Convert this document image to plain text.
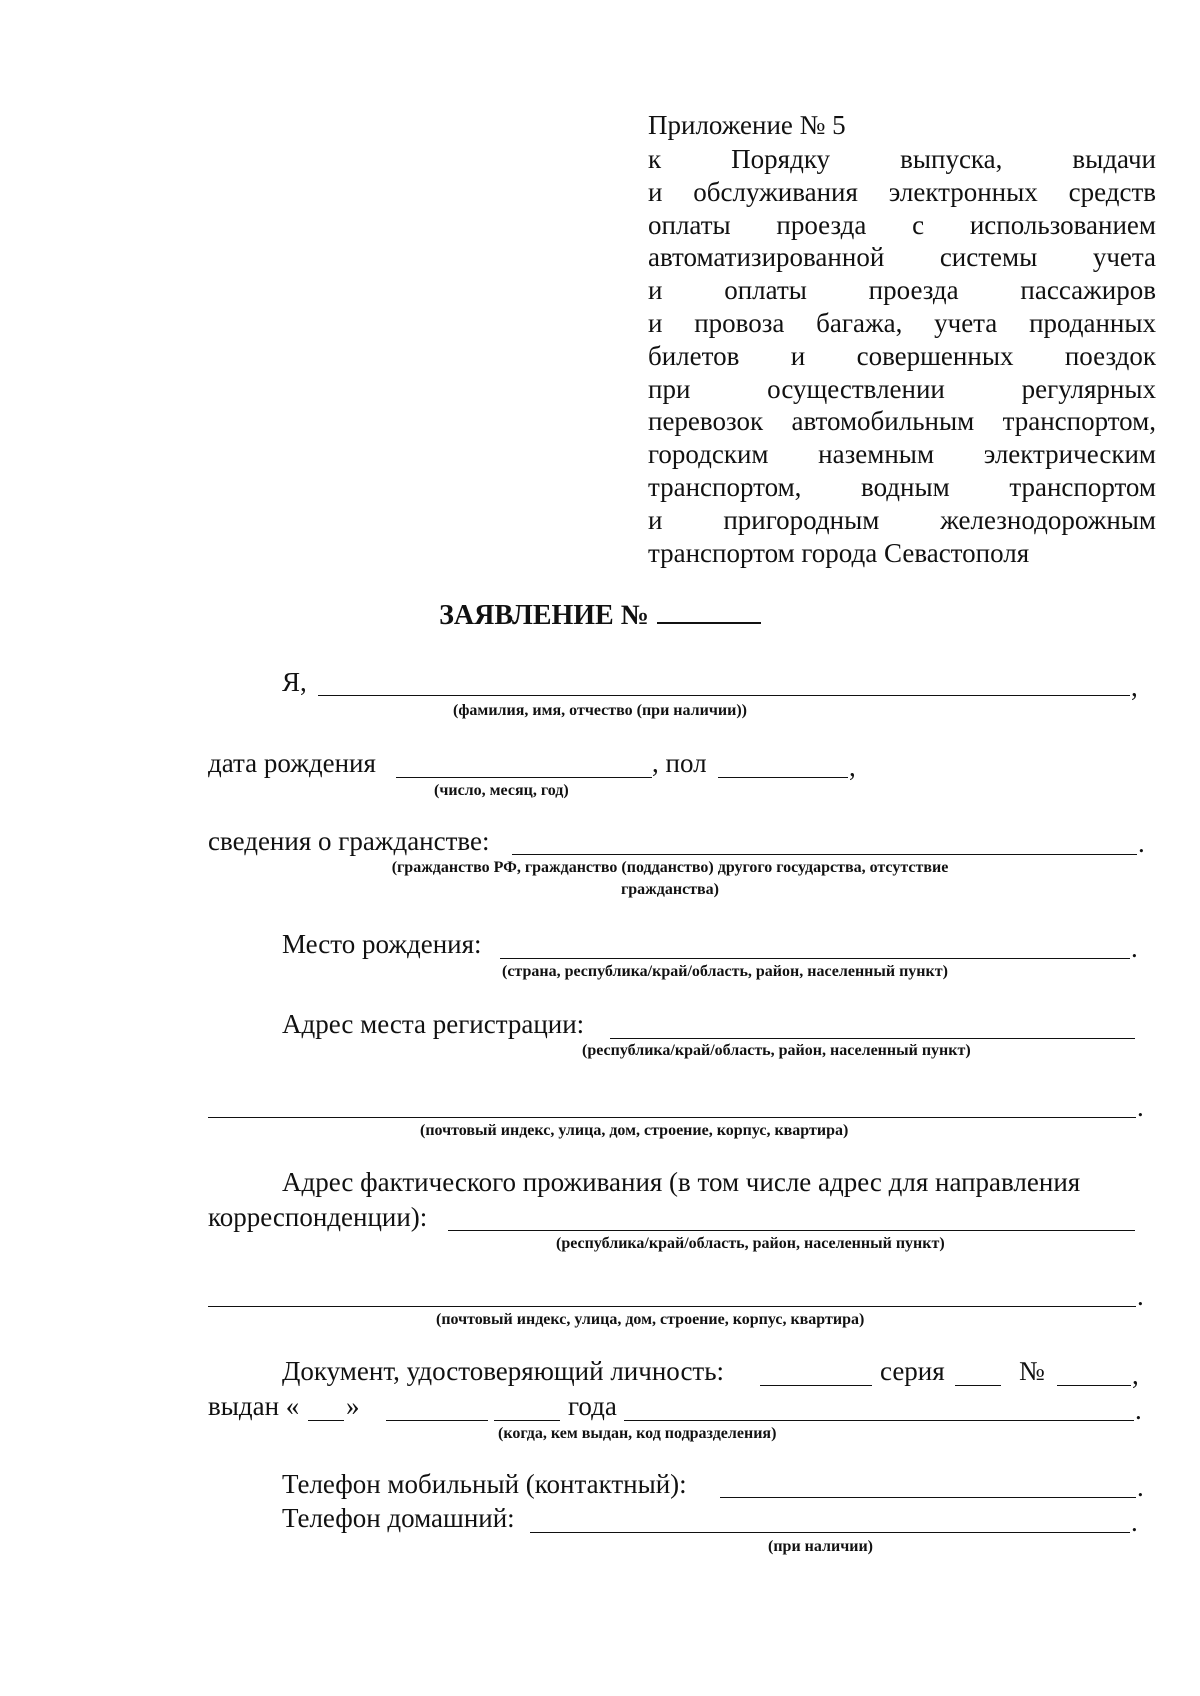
Приложение № 5
к Порядку выпуска, выдачи
и обслуживания электронных средств
оплаты проезда с использованием
автоматизированной системы учета
и оплаты проезда пассажиров
и провоза багажа, учета проданных
билетов и совершенных поездок
при осуществлении регулярных
перевозок автомобильным транспортом,
городским наземным электрическим
транспортом, водным транспортом
и пригородным железнодорожным
транспортом города Севастополя
ЗАЯВЛЕНИЕ №
Я,	,
(фамилия, имя, отчество (при наличии))
дата рождения	, пол	,
(число, месяц, год)
сведения о гражданстве:	.
(гражданство РФ, гражданство (подданство) другого государства, отсутствие
гражданства)
Место рождения:	.
(страна, республика/край/область, район, населенный пункт)
Адрес места регистрации:
(республика/край/область, район, населенный пункт)
.
(почтовый индекс, улица, дом, строение, корпус, квартира)
Адрес фактического проживания (в том числе адрес для направления
корреспонденции):
(республика/край/область, район, населенный пункт)
.
(почтовый индекс, улица, дом, строение, корпус, квартира)
Документ, удостоверяющий личность:	серия	№	,
выдан « »	года	.
(когда, кем выдан, код подразделения)
Телефон мобильный (контактный):	.
Телефон домашний:	.
(при наличии)
